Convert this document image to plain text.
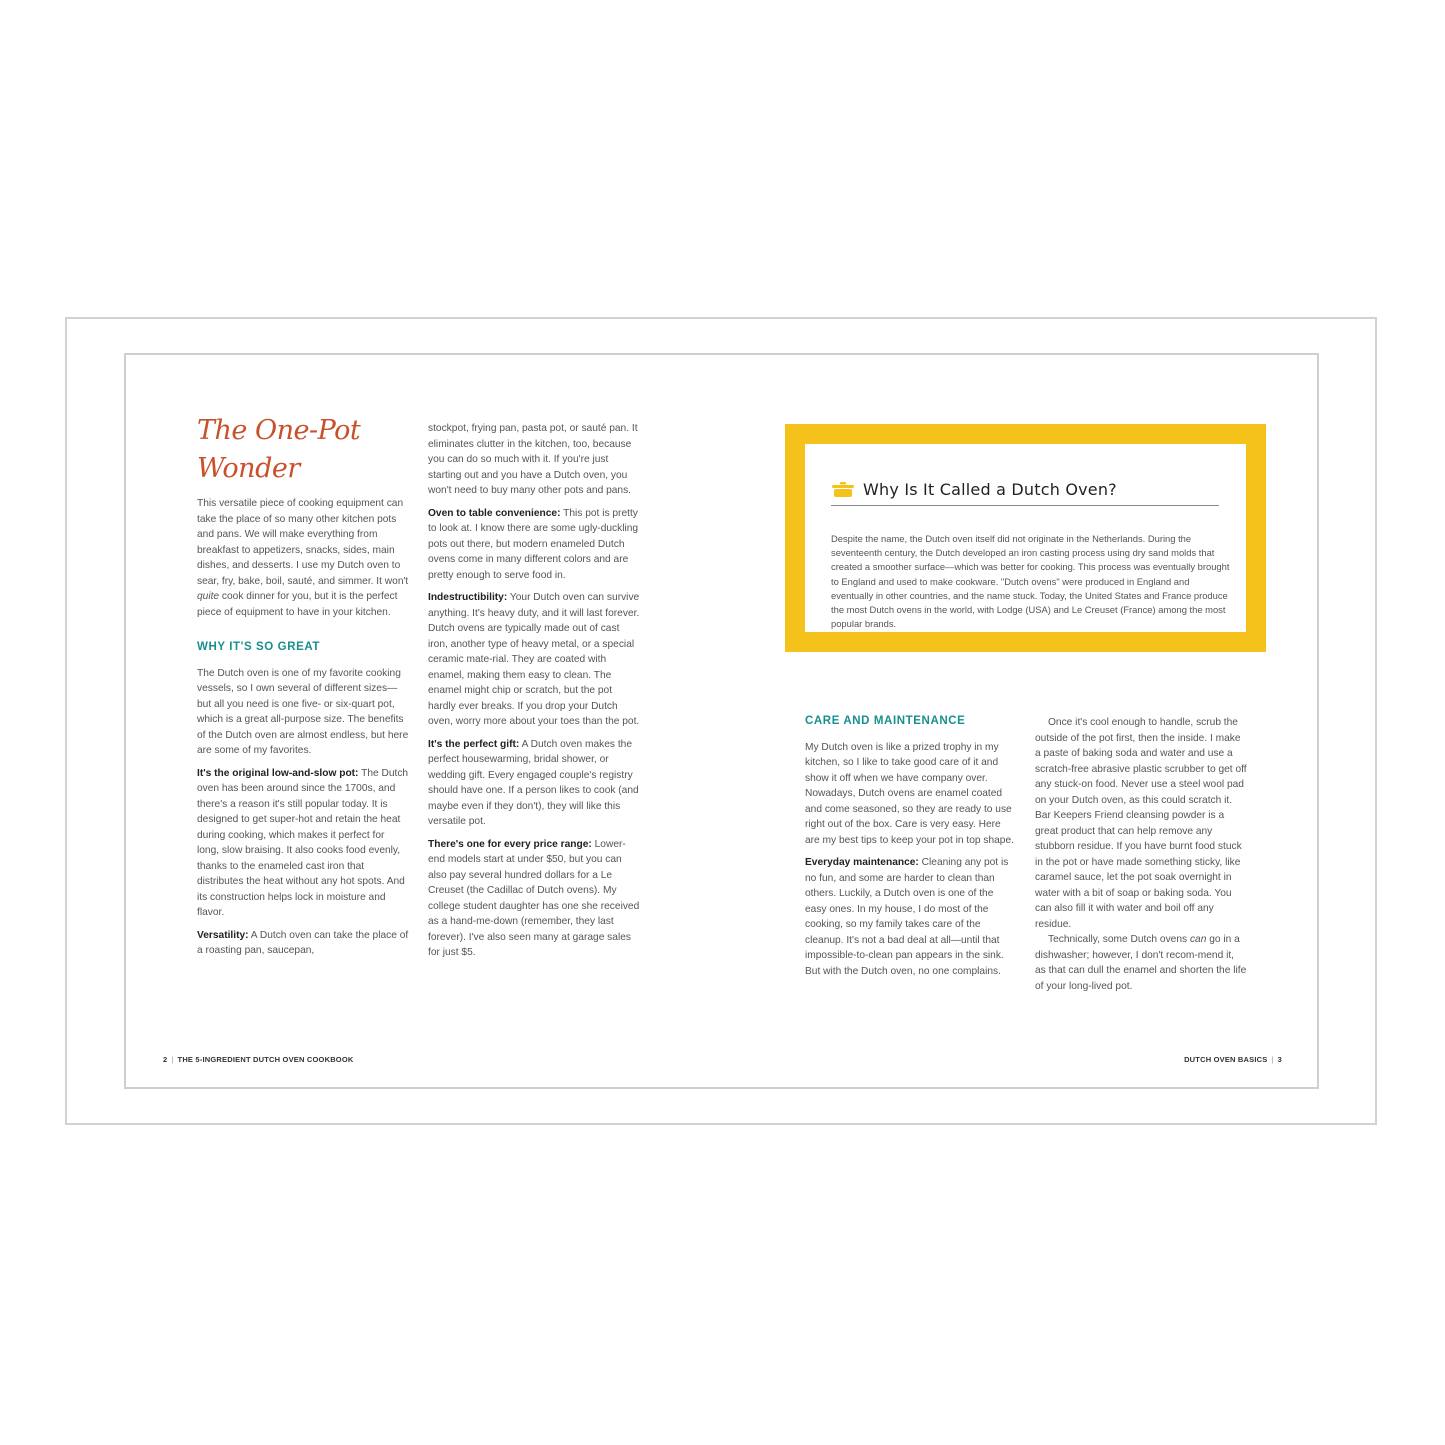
The One-Pot
Wonder

This versatile piece of cooking equipment can take the place of so many other kitchen pots and pans. We will make everything from breakfast to appetizers, snacks, sides, main dishes, and desserts. I use my Dutch oven to sear, fry, bake, boil, sauté, and simmer. It won't quite cook dinner for you, but it is the perfect piece of equipment to have in your kitchen.

WHY IT'S SO GREAT

The Dutch oven is one of my favorite cooking vessels, so I own several of different sizes—but all you need is one five- or six-quart pot, which is a great all-purpose size. The benefits of the Dutch oven are almost endless, but here are some of my favorites.

It's the original low-and-slow pot: The Dutch oven has been around since the 1700s, and there's a reason it's still popular today. It is designed to get super-hot and retain the heat during cooking, which makes it perfect for long, slow braising. It also cooks food evenly, thanks to the enameled cast iron that distributes the heat without any hot spots. And its construction helps lock in moisture and flavor.

Versatility: A Dutch oven can take the place of a roasting pan, saucepan,

stockpot, frying pan, pasta pot, or sauté pan. It eliminates clutter in the kitchen, too, because you can do so much with it. If you're just starting out and you have a Dutch oven, you won't need to buy many other pots and pans.

Oven to table convenience: This pot is pretty to look at. I know there are some ugly-duckling pots out there, but modern enameled Dutch ovens come in many different colors and are pretty enough to serve food in.

Indestructibility: Your Dutch oven can survive anything. It's heavy duty, and it will last forever. Dutch ovens are typically made out of cast iron, another type of heavy metal, or a special ceramic mate-rial. They are coated with enamel, making them easy to clean. The enamel might chip or scratch, but the pot hardly ever breaks. If you drop your Dutch oven, worry more about your toes than the pot.

It's the perfect gift: A Dutch oven makes the perfect housewarming, bridal shower, or wedding gift. Every engaged couple's registry should have one. If a person likes to cook (and maybe even if they don't), they will like this versatile pot.

There's one for every price range: Lower-end models start at under $50, but you can also pay several hundred dollars for a Le Creuset (the Cadillac of Dutch ovens). My college student daughter has one she received as a hand-me-down (remember, they last forever). I've also seen many at garage sales for just $5.

Why Is It Called a Dutch Oven?
Despite the name, the Dutch oven itself did not originate in the Netherlands. During the seventeenth century, the Dutch developed an iron casting process using dry sand molds that created a smoother surface—which was better for cooking. This process was eventually brought to England and used to make cookware. "Dutch ovens" were produced in England and eventually in other countries, and the name stuck. Today, the United States and France produce the most Dutch ovens in the world, with Lodge (USA) and Le Creuset (France) among the most popular brands.
CARE AND MAINTENANCE

My Dutch oven is like a prized trophy in my kitchen, so I like to take good care of it and show it off when we have company over. Nowadays, Dutch ovens are enamel coated and come seasoned, so they are ready to use right out of the box. Care is very easy. Here are my best tips to keep your pot in top shape.

Everyday maintenance: Cleaning any pot is no fun, and some are harder to clean than others. Luckily, a Dutch oven is one of the easy ones. In my house, I do most of the cooking, so my family takes care of the cleanup. It's not a bad deal at all—until that impossible-to-clean pan appears in the sink. But with the Dutch oven, no one complains.

Once it's cool enough to handle, scrub the outside of the pot first, then the inside. I make a paste of baking soda and water and use a scratch-free abrasive plastic scrubber to get off any stuck-on food. Never use a steel wool pad on your Dutch oven, as this could scratch it. Bar Keepers Friend cleansing powder is a great product that can help remove any stubborn residue. If you have burnt food stuck in the pot or have made something sticky, like caramel sauce, let the pot soak overnight in water with a bit of soap or baking soda. You can also fill it with water and boil off any residue.

Technically, some Dutch ovens can go in a dishwasher; however, I don't recom-mend it, as that can dull the enamel and shorten the life of your long-lived pot.

2 | THE 5-INGREDIENT DUTCH OVEN COOKBOOK	DUTCH OVEN BASICS | 3
